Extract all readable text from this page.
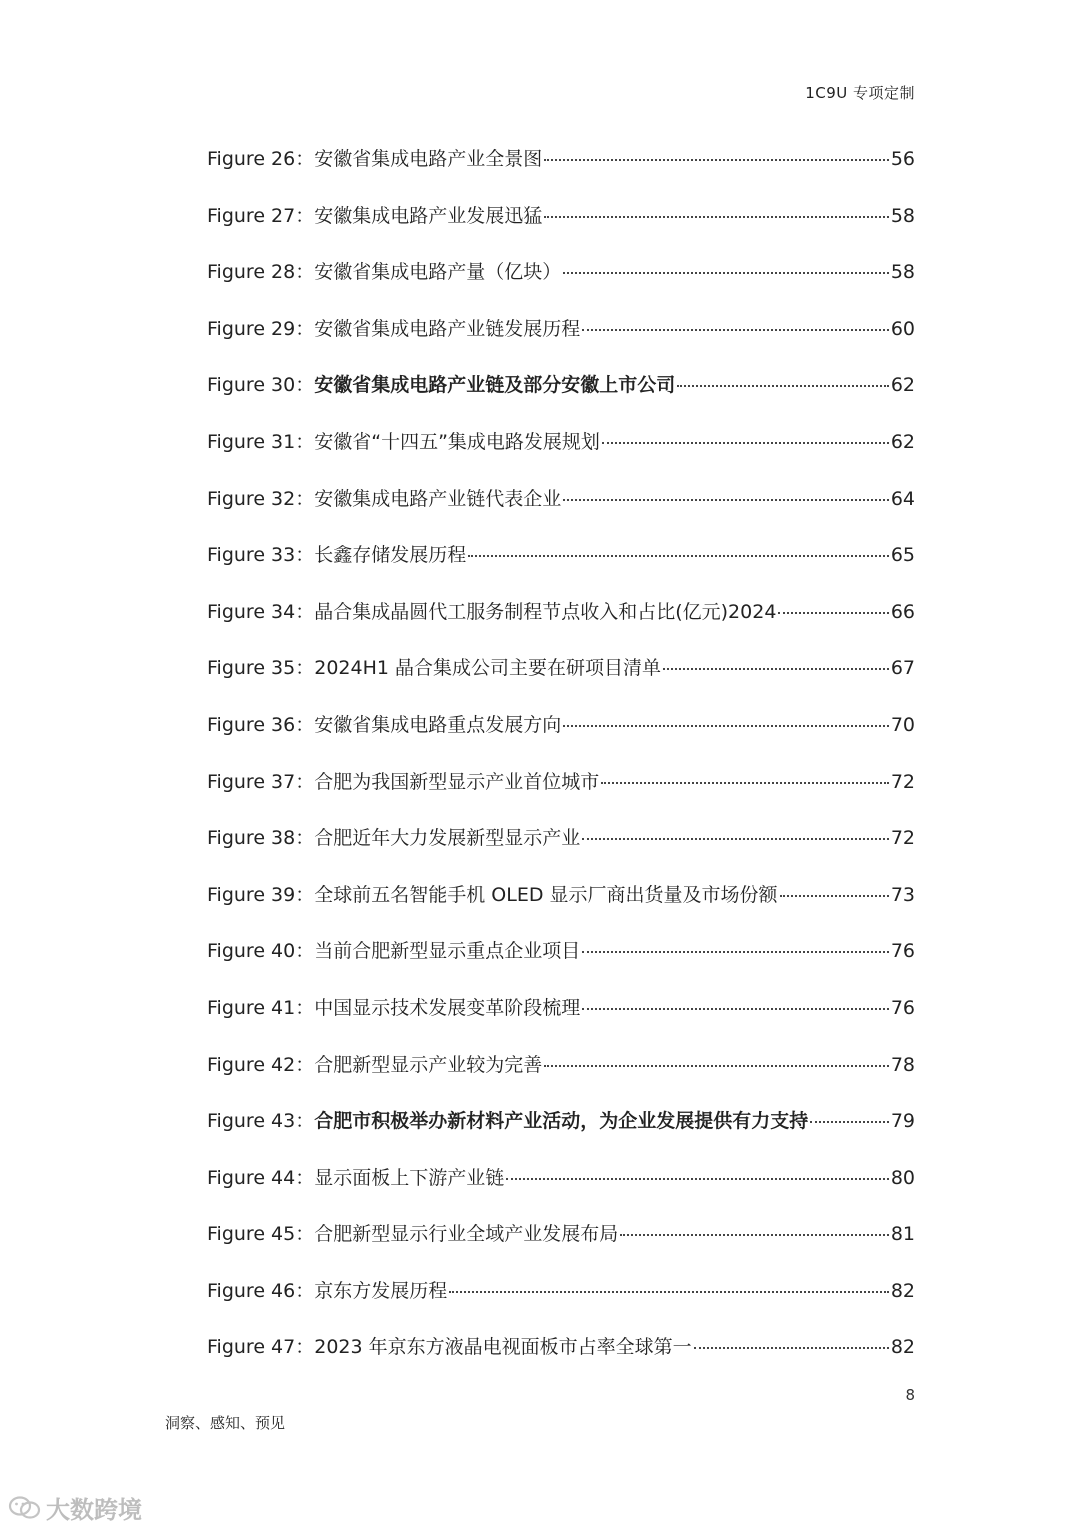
1C9U 专项定制
Figure 26： 安徽省集成电路产业全景图	56
Figure 27： 安徽集成电路产业发展迅猛	58
Figure 28： 安徽省集成电路产量（亿块）	58
Figure 29： 安徽省集成电路产业链发展历程	60
Figure 30： 安徽省集成电路产业链及部分安徽上市公司	62
Figure 31： 安徽省“十四五”集成电路发展规划	62
Figure 32： 安徽集成电路产业链代表企业	64
Figure 33： 长鑫存储发展历程	65
Figure 34： 晶合集成晶圆代工服务制程节点收入和占比(亿元)2024	66
Figure 35： 2024H1 晶合集成公司主要在研项目清单	67
Figure 36： 安徽省集成电路重点发展方向	70
Figure 37： 合肥为我国新型显示产业首位城市	72
Figure 38： 合肥近年大力发展新型显示产业	72
Figure 39： 全球前五名智能手机 OLED 显示厂商出货量及市场份额	73
Figure 40： 当前合肥新型显示重点企业项目	76
Figure 41： 中国显示技术发展变革阶段梳理	76
Figure 42： 合肥新型显示产业较为完善	78
Figure 43： 合肥市积极举办新材料产业活动，为企业发展提供有力支持	79
Figure 44： 显示面板上下游产业链	80
Figure 45： 合肥新型显示行业全域产业发展布局	81
Figure 46： 京东方发展历程	82
Figure 47： 2023 年京东方液晶电视面板市占率全球第一	82
8
洞察、感知、预见
大数跨境
